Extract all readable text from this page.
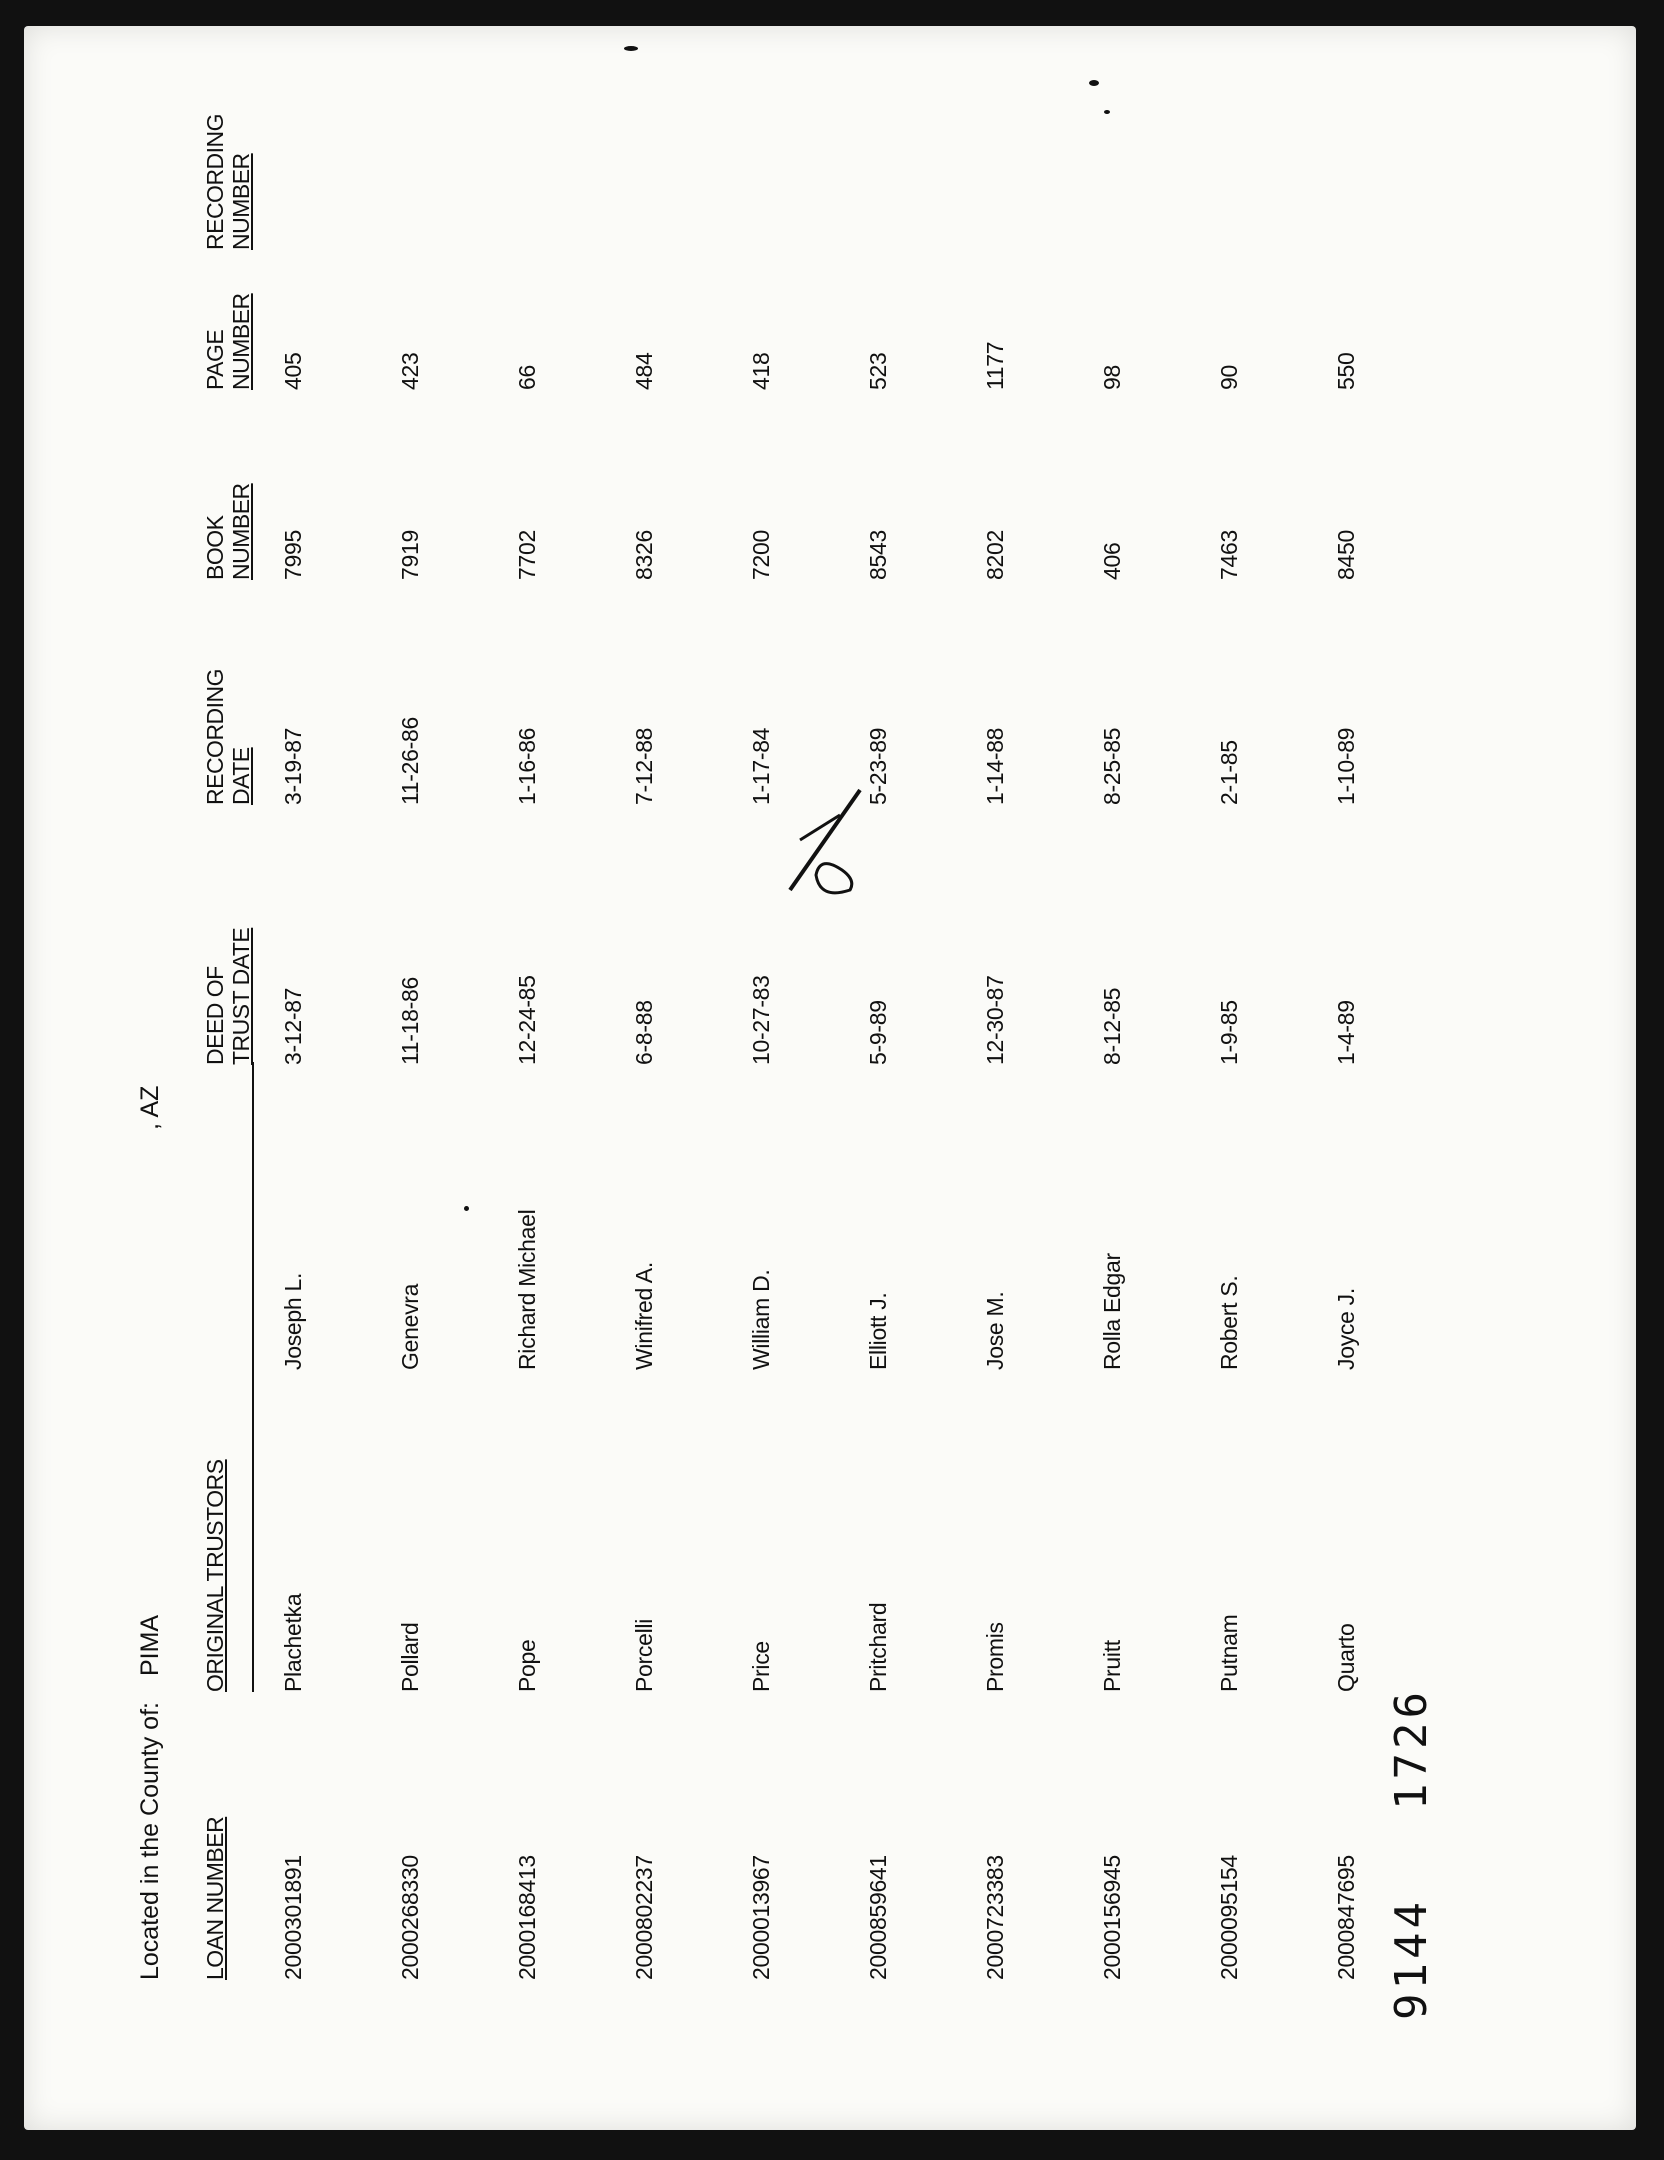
Located in the County of:PIMA
, AZ
LOAN NUMBER
ORIGINAL TRUSTORS
DEED OF TRUST DATE
RECORDING DATE
BOOK NUMBER
PAGE NUMBER
RECORDING NUMBER
2000301891
Plachetka
Joseph L.
3-12-87
3-19-87
7995
405
2000268330
Pollard
Genevra
11-18-86
11-26-86
7919
423
2000168413
Pope
Richard Michael
12-24-85
1-16-86
7702
66
2000802237
Porcelli
Winifred A.
6-8-88
7-12-88
8326
484
2000013967
Price
William D.
10-27-83
1-17-84
7200
418
2000859641
Pritchard
Elliott J.
5-9-89
5-23-89
8543
523
2000723383
Promis
Jose M.
12-30-87
1-14-88
8202
1177
2000156945
Pruitt
Rolla Edgar
8-12-85
8-25-85
406
98
2000095154
Putnam
Robert S.
1-9-85
2-1-85
7463
90
2000847695
Quarto
Joyce J.
1-4-89
1-10-89
8450
550
9144
1726
